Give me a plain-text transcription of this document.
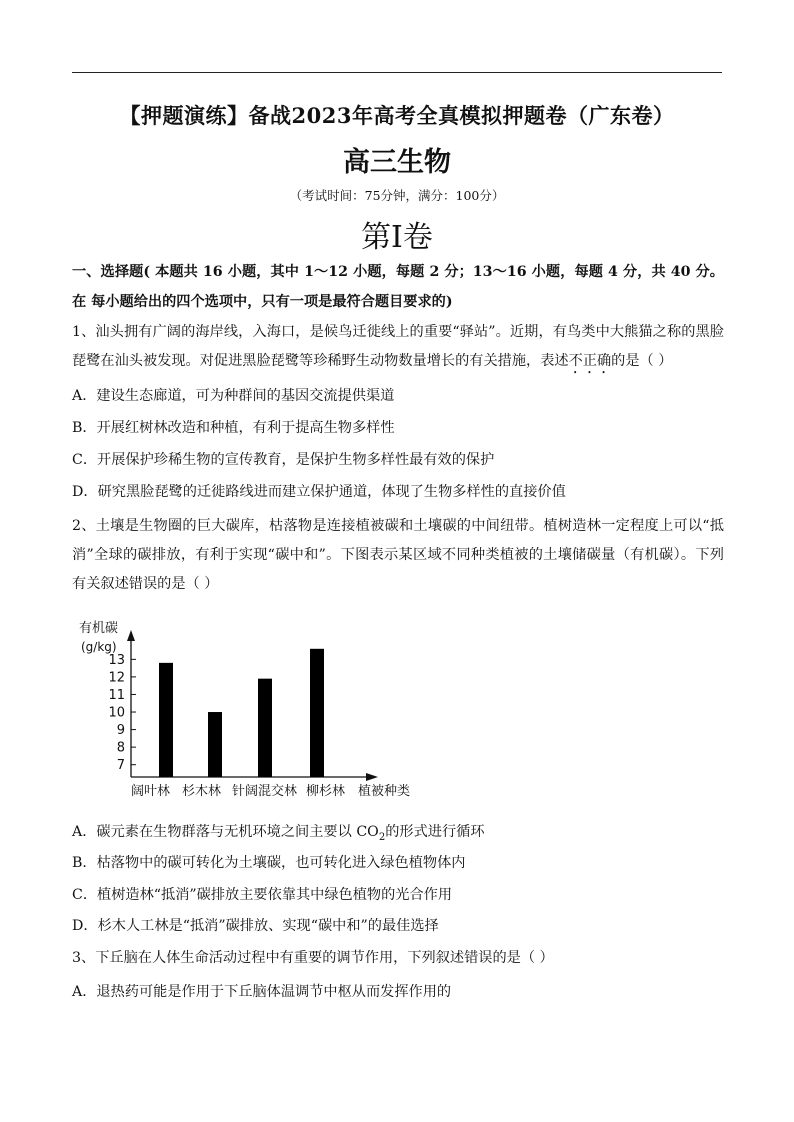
【押题演练】备战2023年高考全真模拟押题卷（广东卷）
高三生物
（考试时间：75分钟，满分：100分）
第I卷
一、选择题( 本题共 16 小题，其中 1～12 小题，每题 2 分；13～16 小题，每题 4 分，共 40 分。在 每小题给出的四个选项中，只有一项是最符合题目要求的)
1、汕头拥有广阔的海岸线，入海口，是候鸟迁徙线上的重要“驿站”。近期，有鸟类中大熊猫之称的黑脸琵鹭在汕头被发现。对促进黑脸琵鹭等珍稀野生动物数量增长的有关措施，表述不正确的是（ ）
A．建设生态廊道，可为种群间的基因交流提供渠道
B．开展红树林改造和种植，有利于提高生物多样性
C．开展保护珍稀生物的宣传教育，是保护生物多样性最有效的保护
D．研究黑脸琵鹭的迁徙路线进而建立保护通道，体现了生物多样性的直接价值
2、土壤是生物圈的巨大碳库，枯落物是连接植被碳和土壤碳的中间纽带。植树造林一定程度上可以“抵消”全球的碳排放，有利于实现“碳中和”。下图表示某区域不同种类植被的土壤储碳量（有机碳）。下列有关叙述错误的是（ ）
有机碳
(g/kg)
7
8
9
10
11
12
13
阔叶林 杉木林 针阔混交林 柳杉林 植被种类
A．碳元素在生物群落与无机环境之间主要以 $CO_2$的形式进行循环
B．枯落物中的碳可转化为土壤碳，也可转化进入绿色植物体内
C．植树造林“抵消”碳排放主要依靠其中绿色植物的光合作用
D．杉木人工林是“抵消”碳排放、实现“碳中和”的最佳选择
3、下丘脑在人体生命活动过程中有重要的调节作用，下列叙述错误的是（ ）
A．退热药可能是作用于下丘脑体温调节中枢从而发挥作用的
